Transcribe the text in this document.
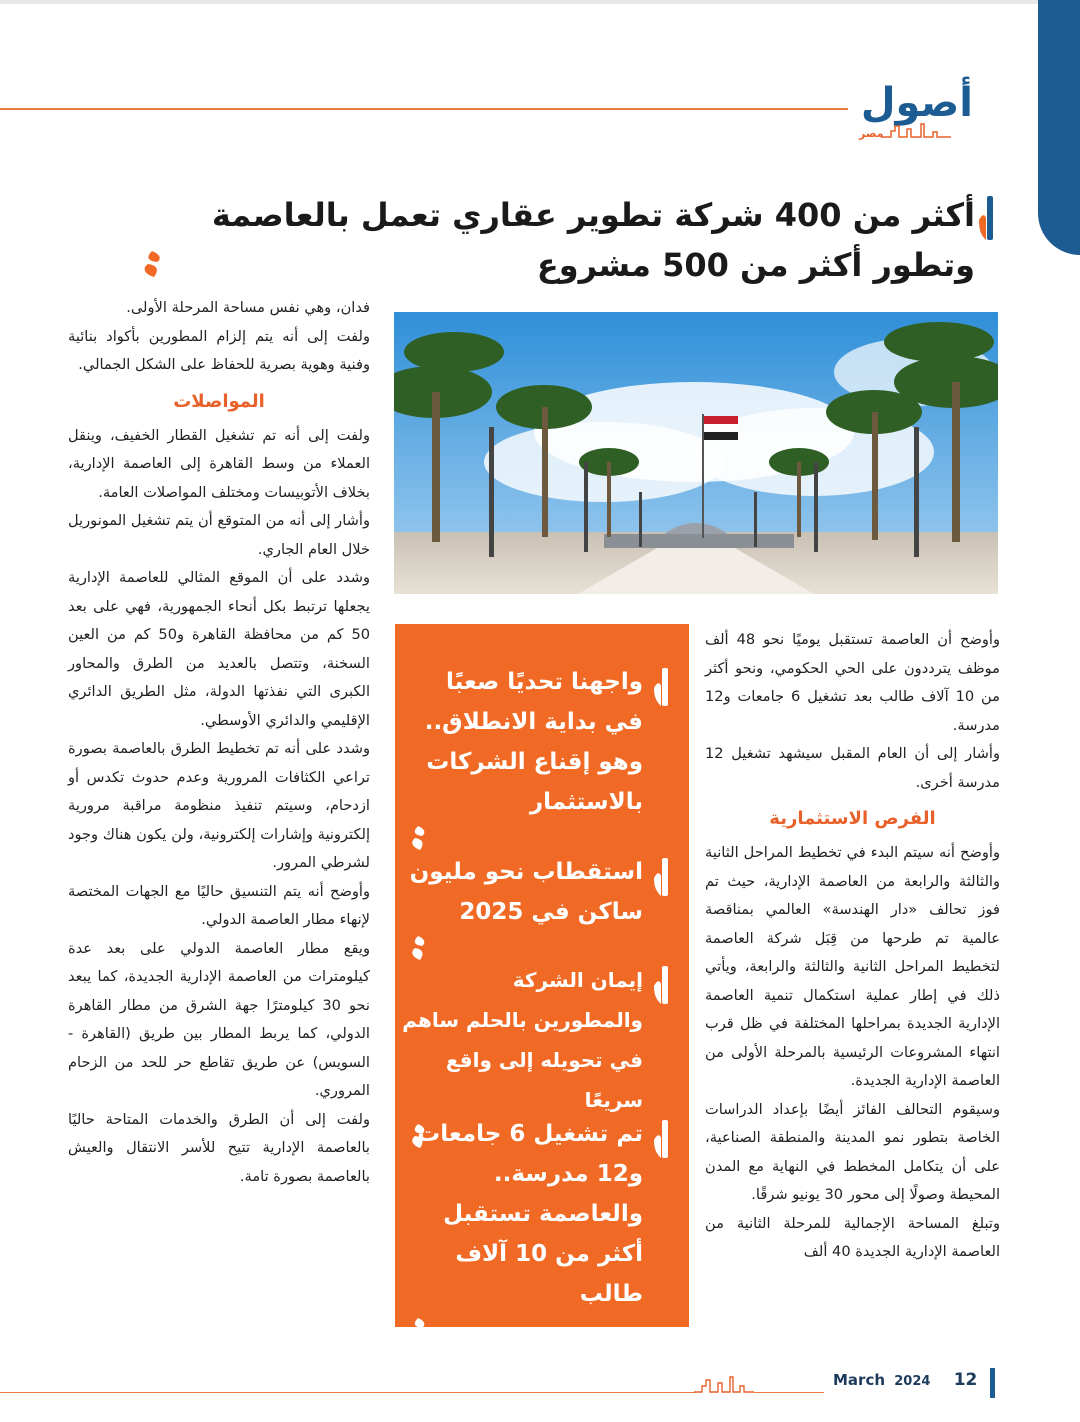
أصول
مصر
أكثر من 400 شركة تطوير عقاري تعمل بالعاصمة وتطور أكثر من 500 مشروع

فدان، وهي نفس مساحة المرحلة الأولى.

ولفت إلى أنه يتم إلزام المطورين بأكواد بنائية وفنية وهوية بصرية للحفاظ على الشكل الجمالي.

المواصلات

ولفت إلى أنه تم تشغيل القطار الخفيف، وينقل العملاء من وسط القاهرة إلى العاصمة الإدارية، بخلاف الأتوبيسات ومختلف المواصلات العامة.

وأشار إلى أنه من المتوقع أن يتم تشغيل المونوريل خلال العام الجاري.

وشدد على أن الموقع المثالي للعاصمة الإدارية يجعلها ترتبط بكل أنحاء الجمهورية، فهي على بعد 50 كم من محافظة القاهرة و50 كم من العين السخنة، وتتصل بالعديد من الطرق والمحاور الكبرى التي نفذتها الدولة، مثل الطريق الدائري الإقليمي والدائري الأوسطي.

وشدد على أنه تم تخطيط الطرق بالعاصمة بصورة تراعي الكثافات المرورية وعدم حدوث تكدس أو ازدحام، وسيتم تنفيذ منظومة مراقبة مرورية إلكترونية وإشارات إلكترونية، ولن يكون هناك وجود لشرطي المرور.

وأوضح أنه يتم التنسيق حاليًا مع الجهات المختصة لإنهاء مطار العاصمة الدولي.

ويقع مطار العاصمة الدولي على بعد عدة كيلومترات من العاصمة الإدارية الجديدة، كما يبعد نحو 30 كيلومترًا جهة الشرق من مطار القاهرة الدولي، كما يربط المطار بين طريق (القاهرة - السويس) عن طريق تقاطع حر للحد من الزحام المروري.

ولفت إلى أن الطرق والخدمات المتاحة حاليًا بالعاصمة الإدارية تتيح للأسر الانتقال والعيش بالعاصمة بصورة تامة.

واجهنا تحديًا صعبًا في بداية الانطلاق.. وهو إقناع الشركات بالاستثمار
استقطاب نحو مليون ساكن في 2025
إيمان الشركة والمطورين بالحلم ساهم في تحويله إلى واقع سريعًا
تم تشغيل 6 جامعات و12 مدرسة.. والعاصمة تستقبل أكثر من 10 آلاف طالب

وأوضح أن العاصمة تستقبل يوميًا نحو 48 ألف موظف يترددون على الحي الحكومي، ونحو أكثر من 10 آلاف طالب بعد تشغيل 6 جامعات و12 مدرسة.

وأشار إلى أن العام المقبل سيشهد تشغيل 12 مدرسة أخرى.

الفرص الاستثمارية

وأوضح أنه سيتم البدء في تخطيط المراحل الثانية والثالثة والرابعة من العاصمة الإدارية، حيث تم فوز تحالف «دار الهندسة» العالمي بمناقصة عالمية تم طرحها من قِبَل شركة العاصمة لتخطيط المراحل الثانية والثالثة والرابعة، ويأتي ذلك في إطار عملية استكمال تنمية العاصمة الإدارية الجديدة بمراحلها المختلفة في ظل قرب انتهاء المشروعات الرئيسية بالمرحلة الأولى من العاصمة الإدارية الجديدة.

وسيقوم التحالف الفائز أيضًا بإعداد الدراسات الخاصة بتطور نمو المدينة والمنطقة الصناعية، على أن يتكامل المخطط في النهاية مع المدن المحيطة وصولًا إلى محور 30 يونيو شرقًا.

وتبلغ المساحة الإجمالية للمرحلة الثانية من العاصمة الإدارية الجديدة 40 ألف

March 2024 12
